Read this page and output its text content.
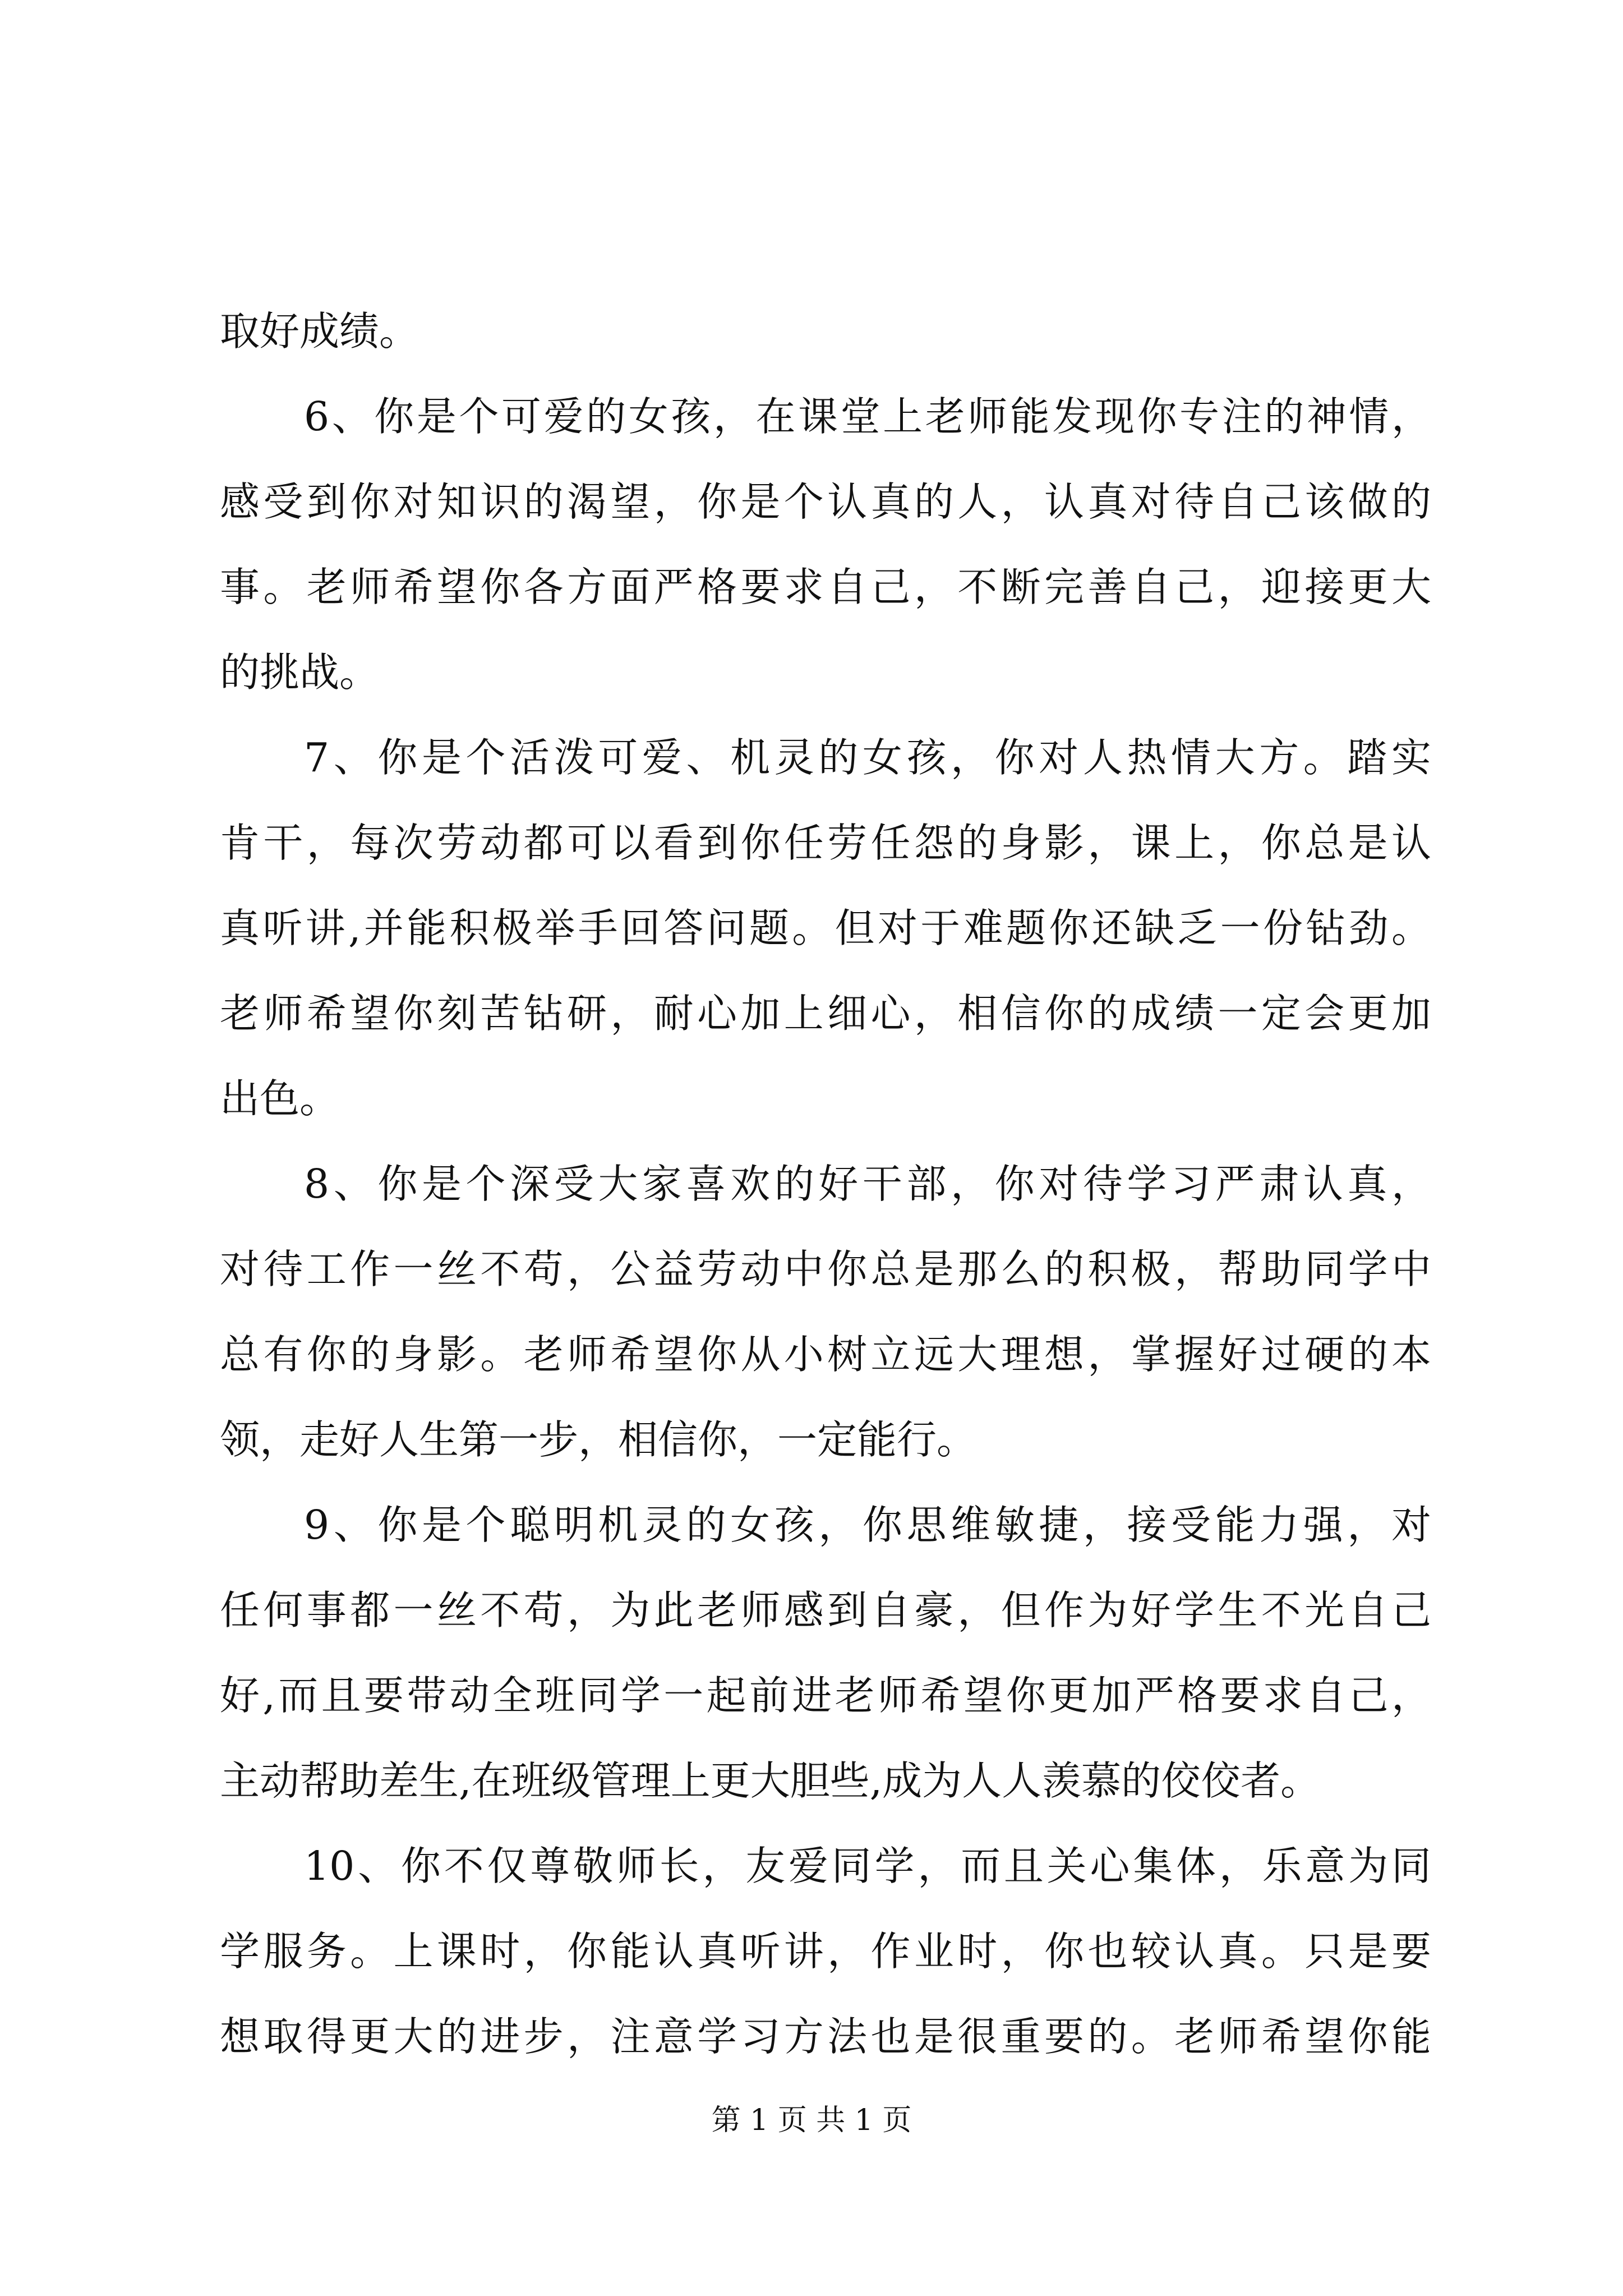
取好成绩。
6、你是个可爱的女孩，在课堂上老师能发现你专注的神情，
感受到你对知识的渴望，你是个认真的人，认真对待自己该做的
事。老师希望你各方面严格要求自己，不断完善自己，迎接更大
的挑战。
7、你是个活泼可爱、机灵的女孩，你对人热情大方。踏实
肯干，每次劳动都可以看到你任劳任怨的身影，课上，你总是认
真听讲,并能积极举手回答问题。但对于难题你还缺乏一份钻劲。
老师希望你刻苦钻研，耐心加上细心，相信你的成绩一定会更加
出色。
8、你是个深受大家喜欢的好干部，你对待学习严肃认真，
对待工作一丝不苟，公益劳动中你总是那么的积极，帮助同学中
总有你的身影。老师希望你从小树立远大理想，掌握好过硬的本
领，走好人生第一步，相信你，一定能行。
9、你是个聪明机灵的女孩，你思维敏捷，接受能力强，对
任何事都一丝不苟，为此老师感到自豪，但作为好学生不光自己
好,而且要带动全班同学一起前进老师希望你更加严格要求自己，
主动帮助差生,在班级管理上更大胆些,成为人人羡慕的佼佼者。
10、你不仅尊敬师长，友爱同学，而且关心集体，乐意为同
学服务。上课时，你能认真听讲，作业时，你也较认真。只是要
想取得更大的进步，注意学习方法也是很重要的。老师希望你能
第 1 页 共 1 页
